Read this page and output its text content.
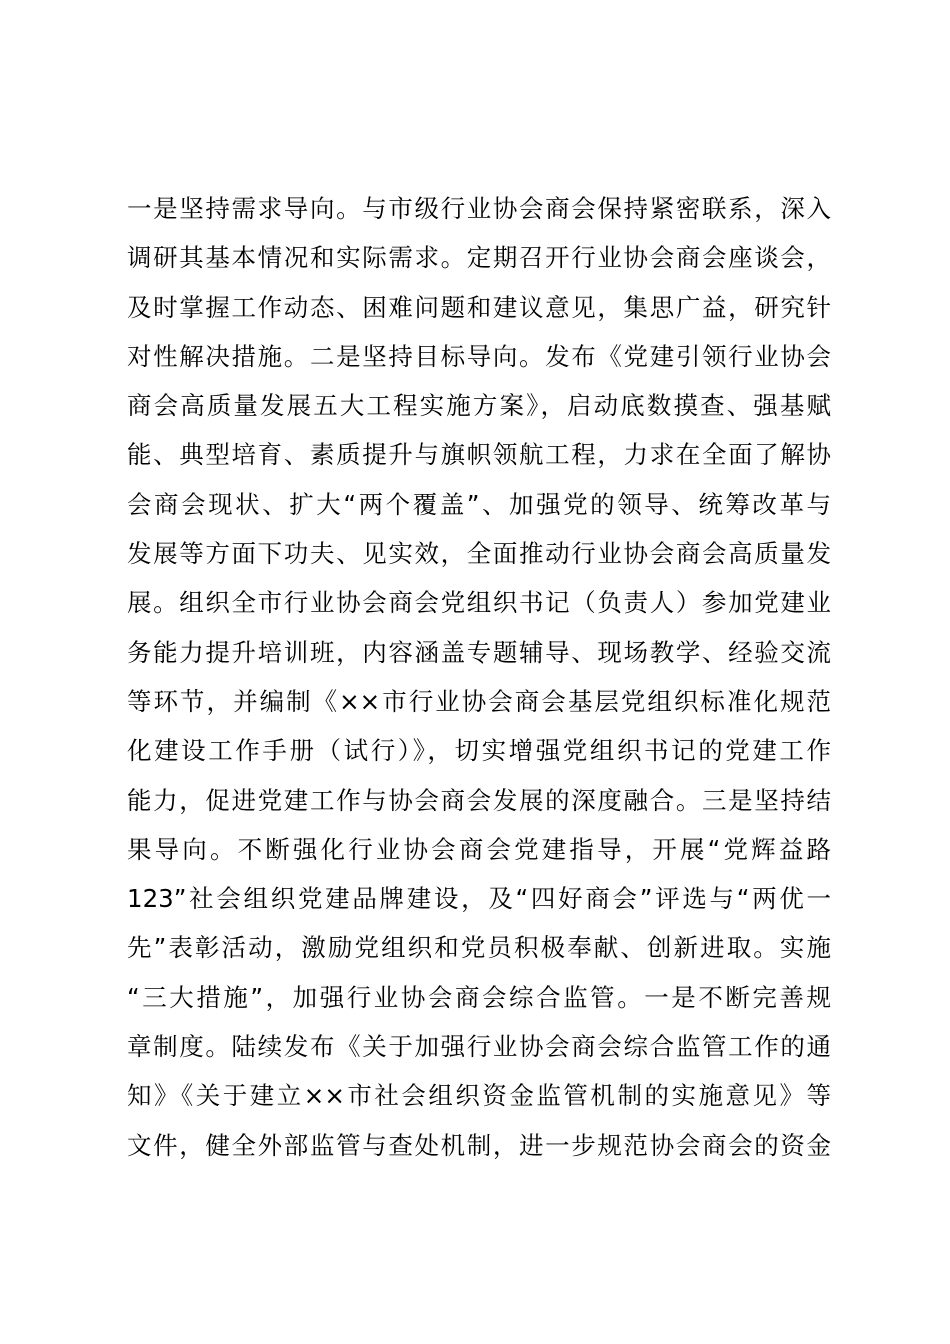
一是坚持需求导向。与市级行业协会商会保持紧密联系，深入
调研其基本情况和实际需求。定期召开行业协会商会座谈会，
及时掌握工作动态、困难问题和建议意见，集思广益，研究针
对性解决措施。二是坚持目标导向。发布《党建引领行业协会
商会高质量发展五大工程实施方案》，启动底数摸查、强基赋
能、典型培育、素质提升与旗帜领航工程，力求在全面了解协
会商会现状、扩大“两个覆盖”、加强党的领导、统筹改革与
发展等方面下功夫、见实效，全面推动行业协会商会高质量发
展。组织全市行业协会商会党组织书记（负责人）参加党建业
务能力提升培训班，内容涵盖专题辅导、现场教学、经验交流
等环节，并编制《××市行业协会商会基层党组织标准化规范
化建设工作手册（试行）》，切实增强党组织书记的党建工作
能力，促进党建工作与协会商会发展的深度融合。三是坚持结
果导向。不断强化行业协会商会党建指导，开展“党辉益路
123”社会组织党建品牌建设，及“四好商会”评选与“两优一
先”表彰活动，激励党组织和党员积极奉献、创新进取。实施
“三大措施”，加强行业协会商会综合监管。一是不断完善规
章制度。陆续发布《关于加强行业协会商会综合监管工作的通
知》《关于建立××市社会组织资金监管机制的实施意见》等
文件，健全外部监管与查处机制，进一步规范协会商会的资金
